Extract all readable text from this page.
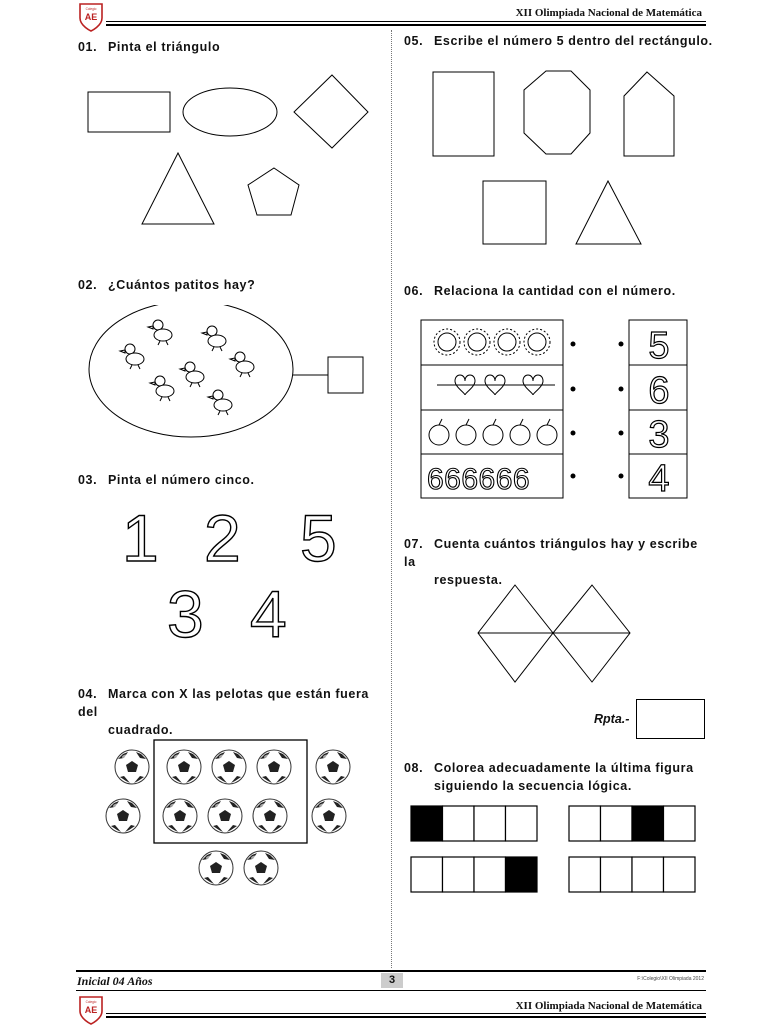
Colegio
AE	XII Olimpiada Nacional de Matemática
01. Pinta el triángulo
02. ¿Cuántos patitos hay?
03. Pinta el número cinco.
1 2 5
3 4
04. Marca con X las pelotas que están fuera del
cuadrado.
05. Escribe el número 5 dentro del rectángulo.
06. Relaciona la cantidad con el número.
666666
5
6
3
4
07. Cuenta cuántos triángulos hay y escribe la
respuesta.
Rpta.-
08. Colorea adecuadamente la última figura
siguiendo la secuencia lógica.
Inicial 04 Años	3	F:\Colegio\XII Olimpiada 2012
Colegio
AE	XII Olimpiada Nacional de Matemática
